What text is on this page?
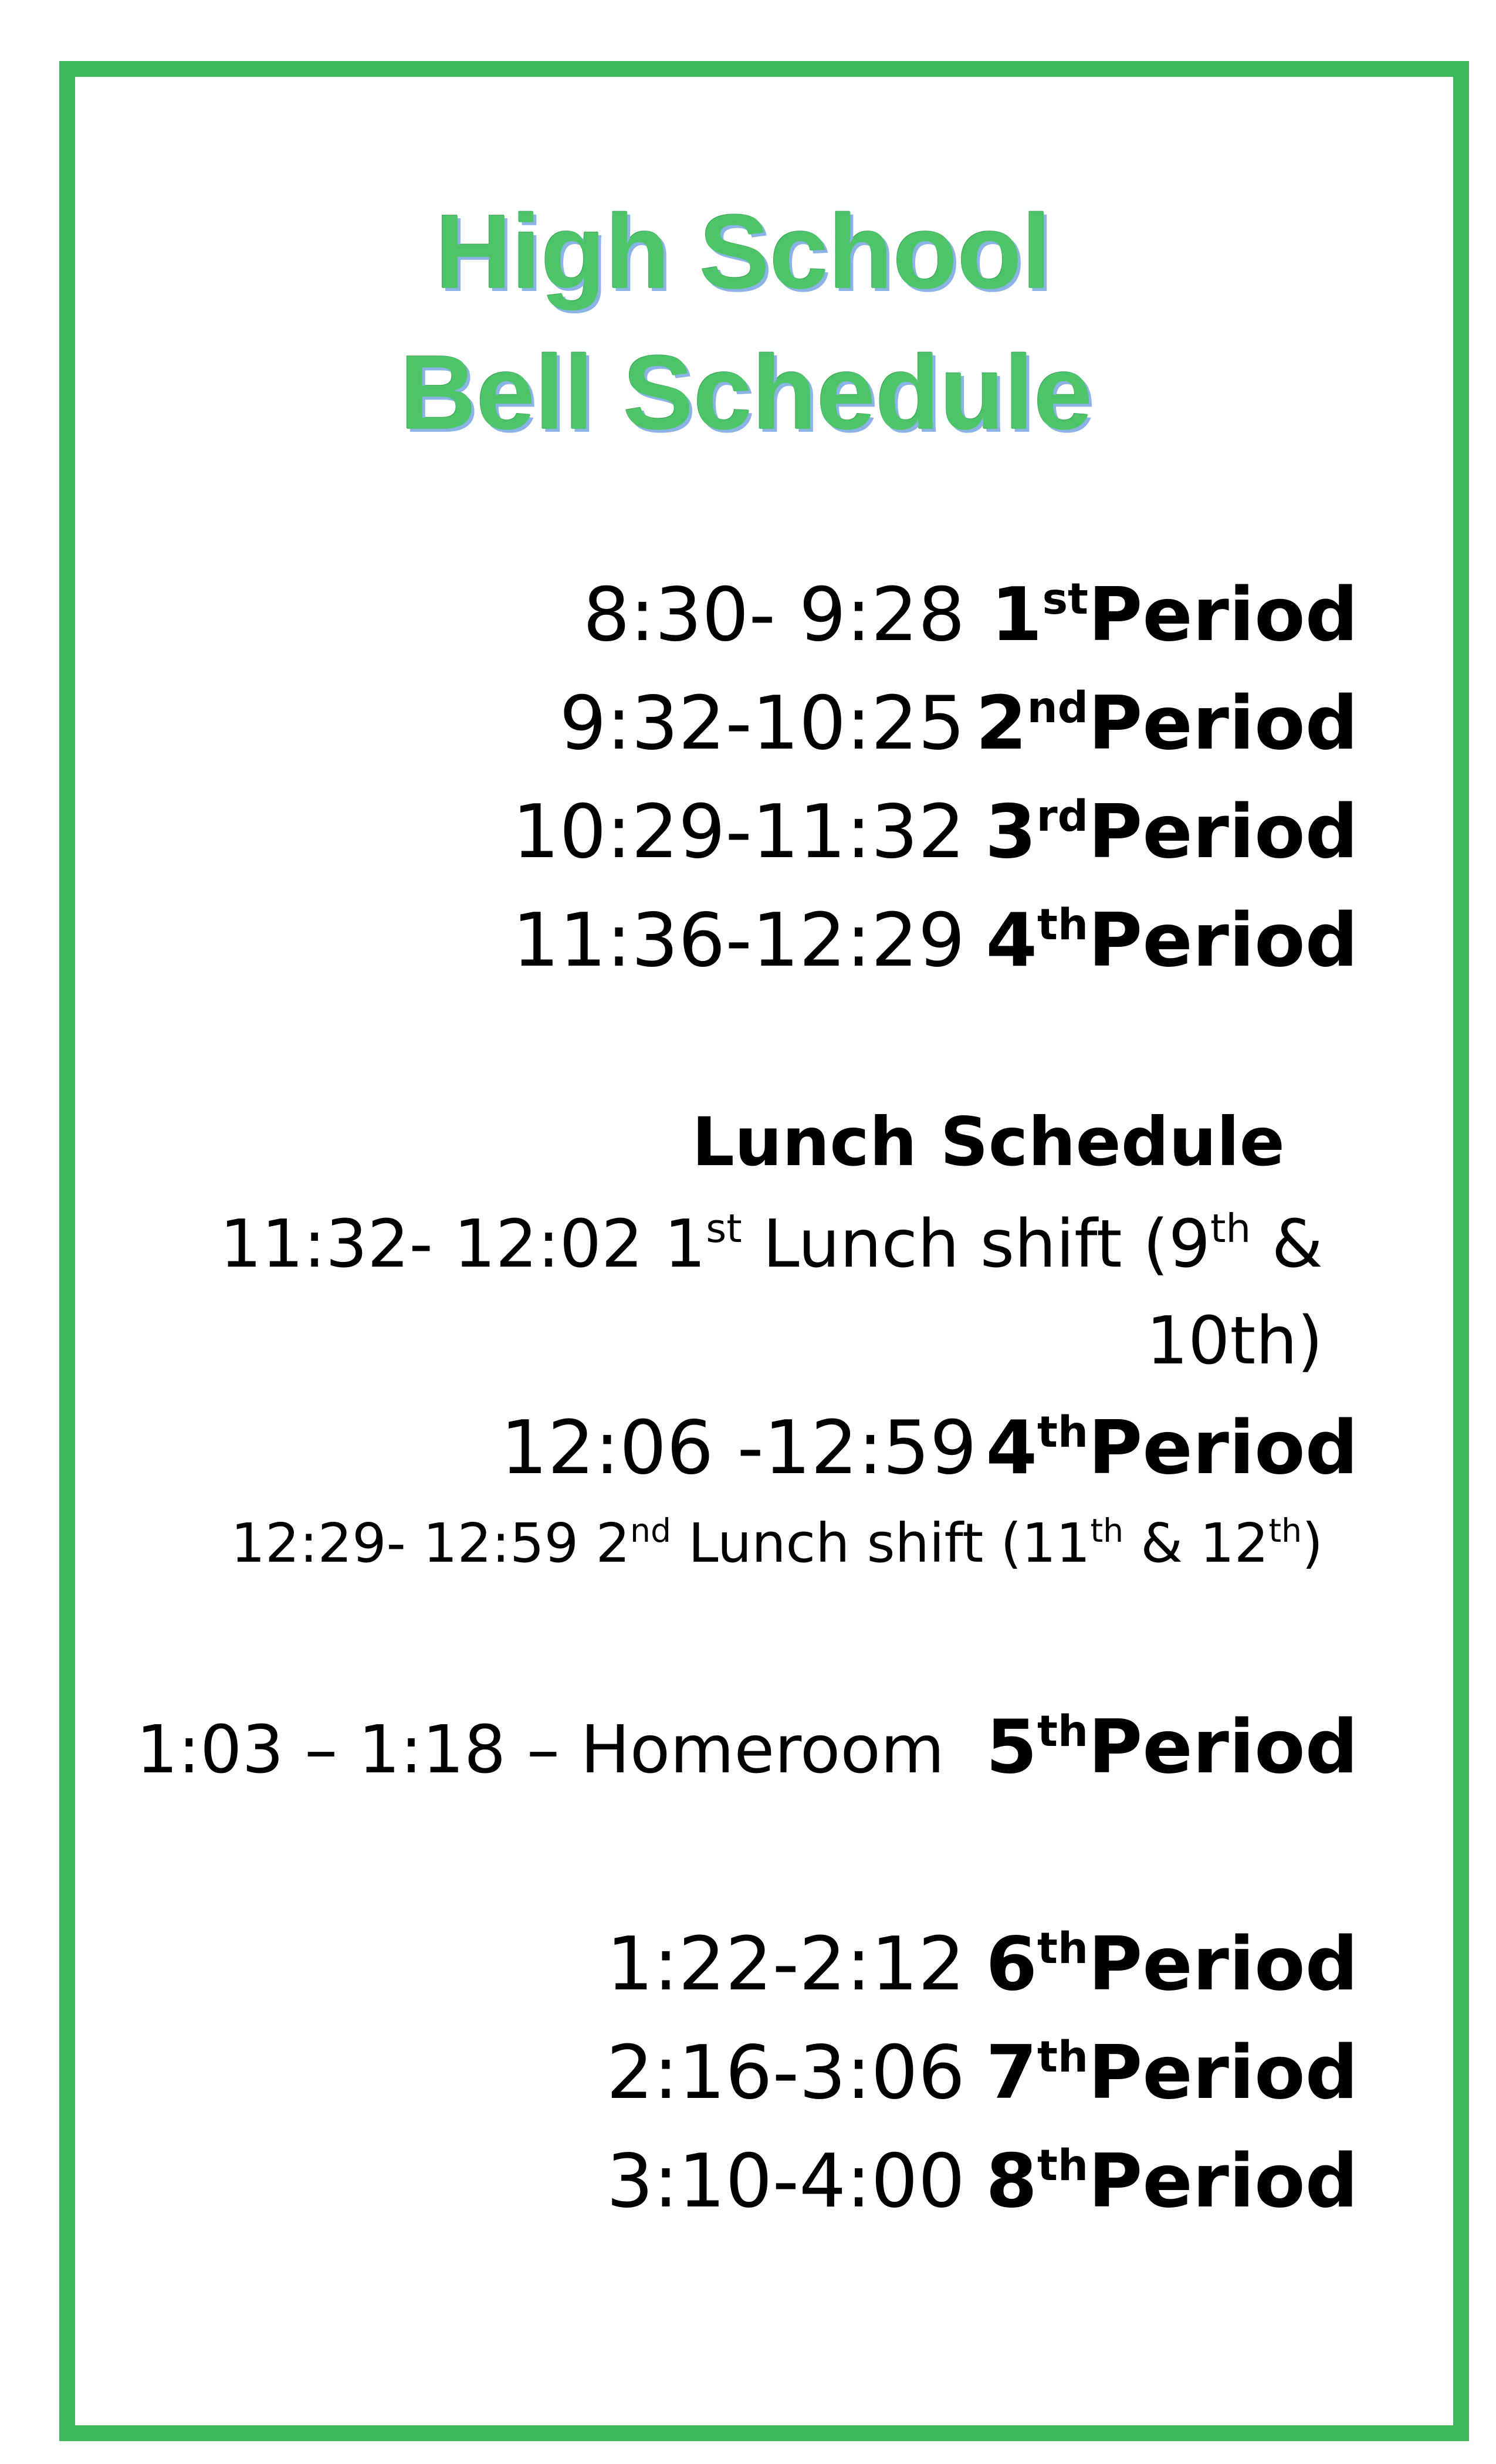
High School
Bell Schedule
8:30- 9:28 1stPeriod
9:32-10:25 2ndPeriod
10:29-11:32 3rdPeriod
11:36-12:29 4thPeriod
Lunch Schedule
11:32- 12:02 1st Lunch shift (9th &
10th)
12:06 -12:59 4thPeriod
12:29- 12:59 2nd Lunch shift (11th & 12th)
1:03 – 1:18 – Homeroom 5thPeriod
1:22-2:12 6thPeriod
2:16-3:06 7thPeriod
3:10-4:00 8thPeriod
